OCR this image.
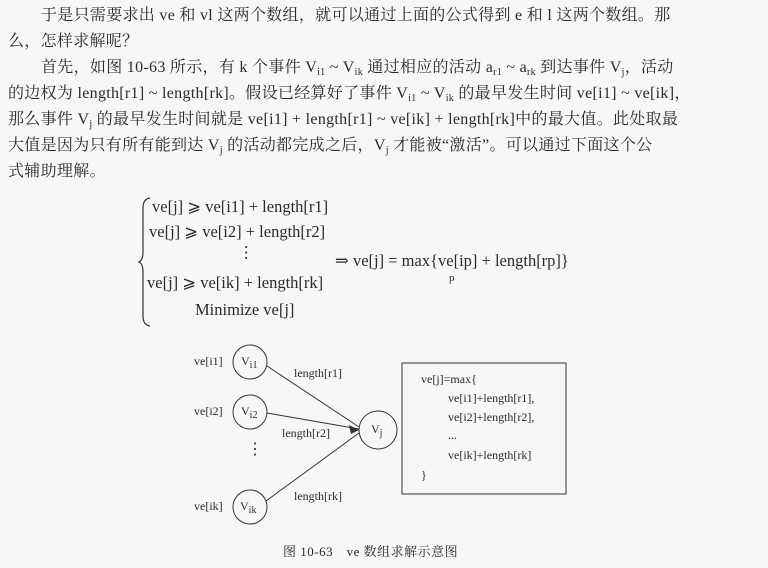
于是只需要求出 ve 和 vl 这两个数组，就可以通过上面的公式得到 e 和 l 这两个数组。那
么，怎样求解呢？
首先，如图 10-63 所示，有 k 个事件 $V_{i1}$ ~ $V_{ik}$ 通过相应的活动 $a_{r1}$ ~ $a_{rk}$ 到达事件 $V_j$，活动
的边权为 length[r1] ~ length[rk]。假设已经算好了事件 $V_{i1}$ ~ $V_{ik}$ 的最早发生时间 ve[i1] ~ ve[ik]，
那么事件 $V_j$ 的最早发生时间就是 ve[i1] + length[r1] ~ ve[ik] + length[rk]中的最大值。此处取最
大值是因为只有所有能到达 $V_j$ 的活动都完成之后，$V_j$ 才能被“激活”。可以通过下面这个公
式辅助理解。
ve[j] ⩾ ve[i1] + length[r1]
ve[j] ⩾ ve[i2] + length[r2]
⋮
ve[j] ⩾ ve[ik] + length[rk]
Minimize ve[j]
⇒ ve[j] = max{ve[ip] + length[rp]}
p
ve[i1]
ve[i2]
ve[ik]
$V_{i1}$
$V_{i2}$
$V_{ik}$
$V_j$
length[r1]
length[r2]
length[rk]
⋮
ve[j]=max{
ve[i1]+length[r1],
ve[i2]+length[r2],
...
ve[ik]+length[rk]
}
图 10-63　ve 数组求解示意图
